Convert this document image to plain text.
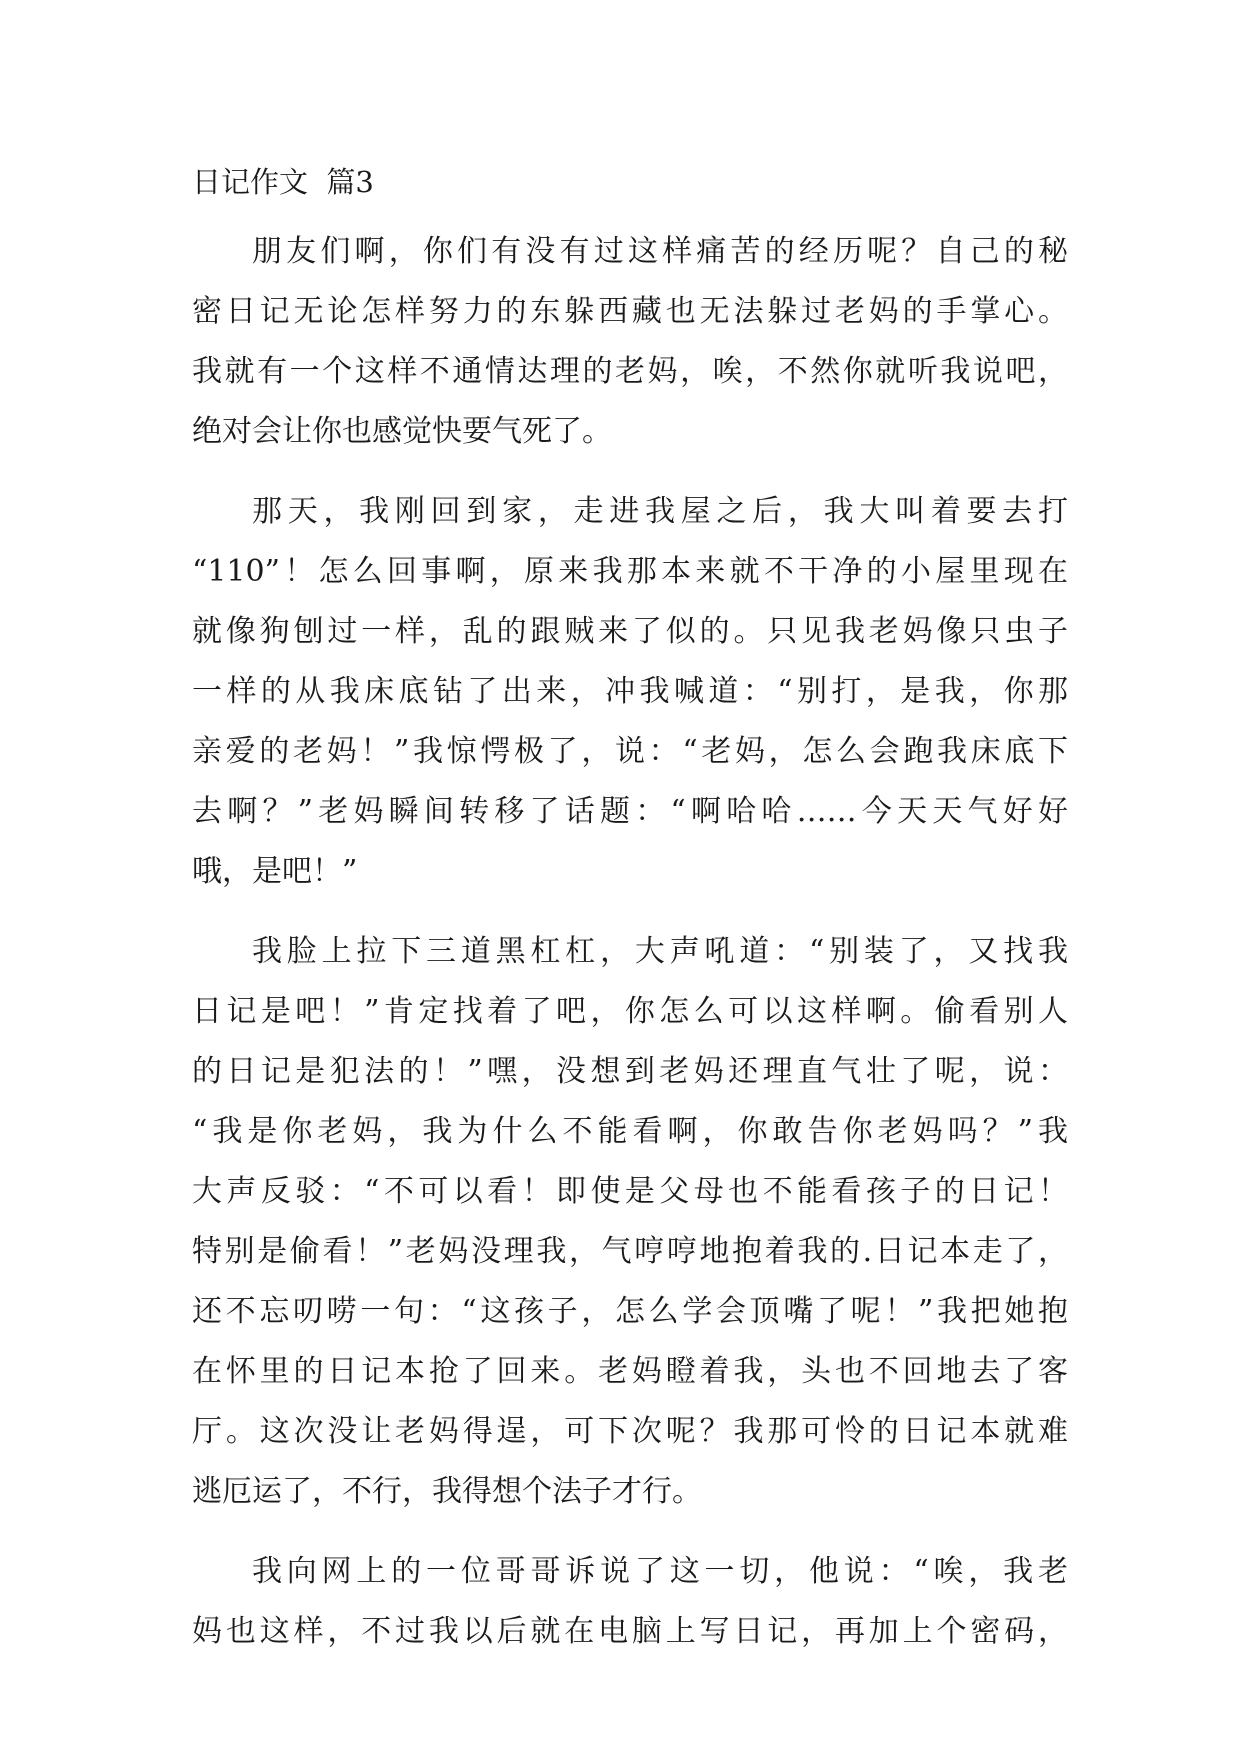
日记作文  篇3

朋友们啊，你们有没有过这样痛苦的经历呢？自己的秘
密日记无论怎样努力的东躲西藏也无法躲过老妈的手掌心。
我就有一个这样不通情达理的老妈，唉，不然你就听我说吧，
绝对会让你也感觉快要气死了。

那天，我刚回到家，走进我屋之后，我大叫着要去打
“110”！怎么回事啊，原来我那本来就不干净的小屋里现在
就像狗刨过一样，乱的跟贼来了似的。只见我老妈像只虫子
一样的从我床底钻了出来，冲我喊道：“别打，是我，你那
亲爱的老妈！”我惊愕极了，说：“老妈，怎么会跑我床底下
去啊？”老妈瞬间转移了话题：“啊哈哈……今天天气好好
哦，是吧！”

我脸上拉下三道黑杠杠，大声吼道：“别装了，又找我
日记是吧！”肯定找着了吧，你怎么可以这样啊。偷看别人
的日记是犯法的！”嘿，没想到老妈还理直气壮了呢，说：
“我是你老妈，我为什么不能看啊，你敢告你老妈吗？”我
大声反驳：“不可以看！即使是父母也不能看孩子的日记！
特别是偷看！”老妈没理我，气哼哼地抱着我的.日记本走了，
还不忘叨唠一句：“这孩子，怎么学会顶嘴了呢！”我把她抱
在怀里的日记本抢了回来。老妈瞪着我，头也不回地去了客
厅。这次没让老妈得逞，可下次呢？我那可怜的日记本就难
逃厄运了，不行，我得想个法子才行。

我向网上的一位哥哥诉说了这一切，他说：“唉，我老
妈也这样，不过我以后就在电脑上写日记，再加上个密码，
